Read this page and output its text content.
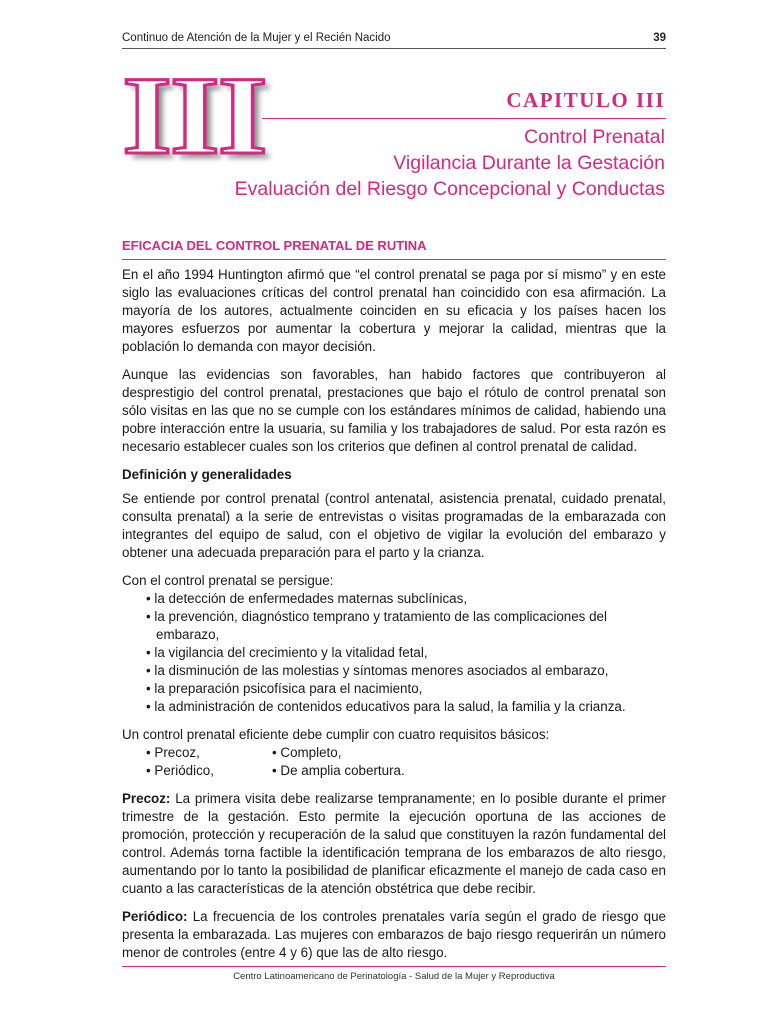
Continuo de Atención de la Mujer y el Recién Nacido	39
III	CAPITULO III
Control Prenatal
Vigilancia Durante la Gestación
Evaluación del Riesgo Concepcional y Conductas
EFICACIA DEL CONTROL PRENATAL DE RUTINA

En el año 1994 Huntington afirmó que “el control prenatal se paga por sí mismo” y en este siglo las evaluaciones críticas del control prenatal han coincidido con esa afirmación. La mayoría de los autores, actualmente coinciden en su eficacia y los países hacen los mayores esfuerzos por aumentar la cobertura y mejorar la calidad, mientras que la población lo demanda con mayor decisión.

Aunque las evidencias son favorables, han habido factores que contribuyeron al desprestigio del control prenatal, prestaciones que bajo el rótulo de control prenatal son sólo visitas en las que no se cumple con los estándares mínimos de calidad, habiendo una pobre interacción entre la usuaria, su familia y los trabajadores de salud. Por esta razón es necesario establecer cuales son los criterios que definen al control prenatal de calidad.

Definición y generalidades

Se entiende por control prenatal (control antenatal, asistencia prenatal, cuidado prenatal, consulta prenatal) a la serie de entrevistas o visitas programadas de la embarazada con integrantes del equipo de salud, con el objetivo de vigilar la evolución del embarazo y obtener una adecuada preparación para el parto y la crianza.

Con el control prenatal se persigue:

• la detección de enfermedades maternas subclínicas,
• la prevención, diagnóstico temprano y tratamiento de las complicaciones del embarazo,
• la vigilancia del crecimiento y la vitalidad fetal,
• la disminución de las molestias y síntomas menores asociados al embarazo,
• la preparación psicofísica para el nacimiento,
• la administración de contenidos educativos para la salud, la familia y la crianza.

Un control prenatal eficiente debe cumplir con cuatro requisitos básicos:

• Precoz,	• Completo,
• Periódico,	• De amplia cobertura.

Precoz: La primera visita debe realizarse tempranamente; en lo posible durante el primer trimestre de la gestación. Esto permite la ejecución oportuna de las acciones de promoción, protección y recuperación de la salud que constituyen la razón fundamental del control. Además torna factible la identificación temprana de los embarazos de alto riesgo, aumentando por lo tanto la posibilidad de planificar eficazmente el manejo de cada caso en cuanto a las características de la atención obstétrica que debe recibir.

Periódico: La frecuencia de los controles prenatales varía según el grado de riesgo que presenta la embarazada. Las mujeres con embarazos de bajo riesgo requerirán un número menor de controles (entre 4 y 6) que las de alto riesgo.

Centro Latinoamericano de Perinatología - Salud de la Mujer y Reproductiva
